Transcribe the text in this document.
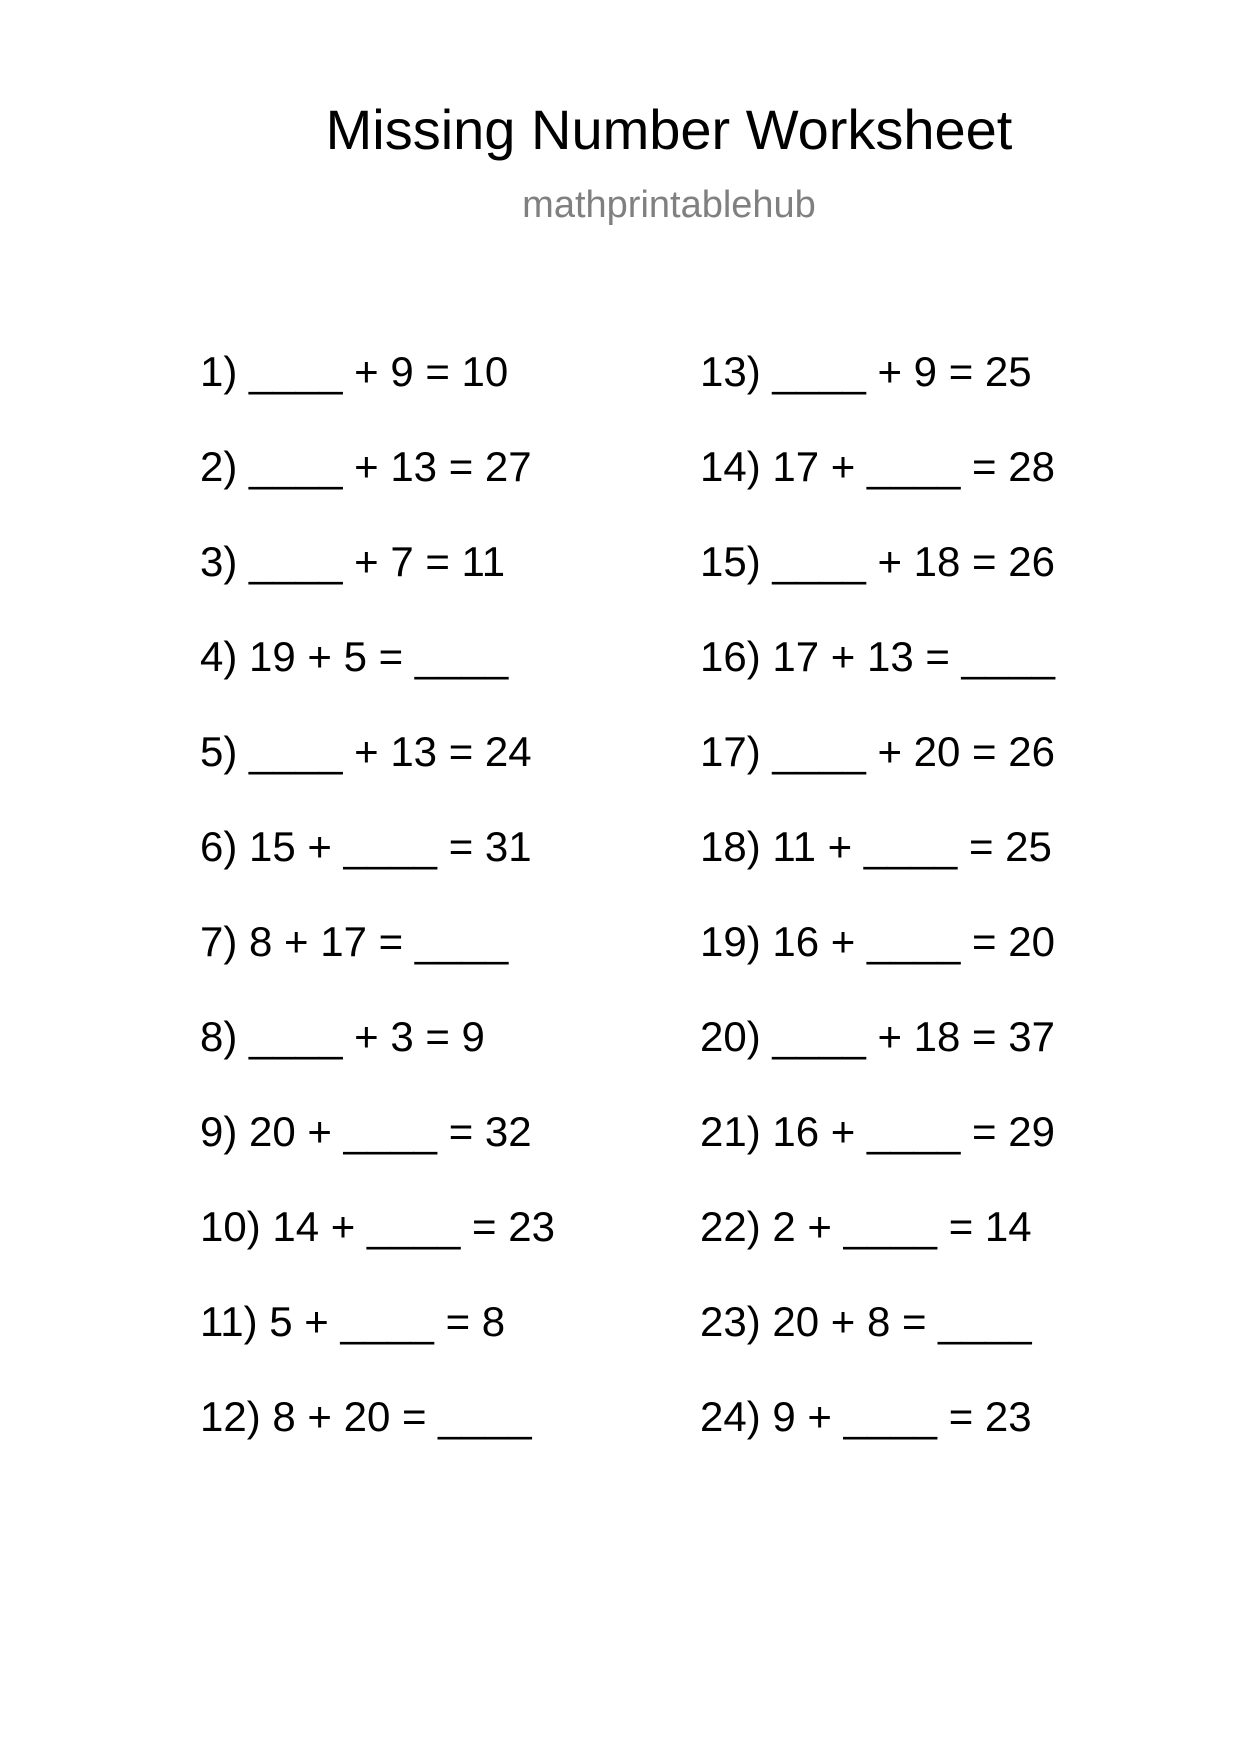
Missing Number Worksheet

mathprintablehub

1) ____ + 9 = 10
2) ____ + 13 = 27
3) ____ + 7 = 11
4) 19 + 5 = ____
5) ____ + 13 = 24
6) 15 + ____ = 31
7) 8 + 17 = ____
8) ____ + 3 = 9
9) 20 + ____ = 32
10) 14 + ____ = 23
11) 5 + ____ = 8
12) 8 + 20 = ____
13) ____ + 9 = 25
14) 17 + ____ = 28
15) ____ + 18 = 26
16) 17 + 13 = ____
17) ____ + 20 = 26
18) 11 + ____ = 25
19) 16 + ____ = 20
20) ____ + 18 = 37
21) 16 + ____ = 29
22) 2 + ____ = 14
23) 20 + 8 = ____
24) 9 + ____ = 23
